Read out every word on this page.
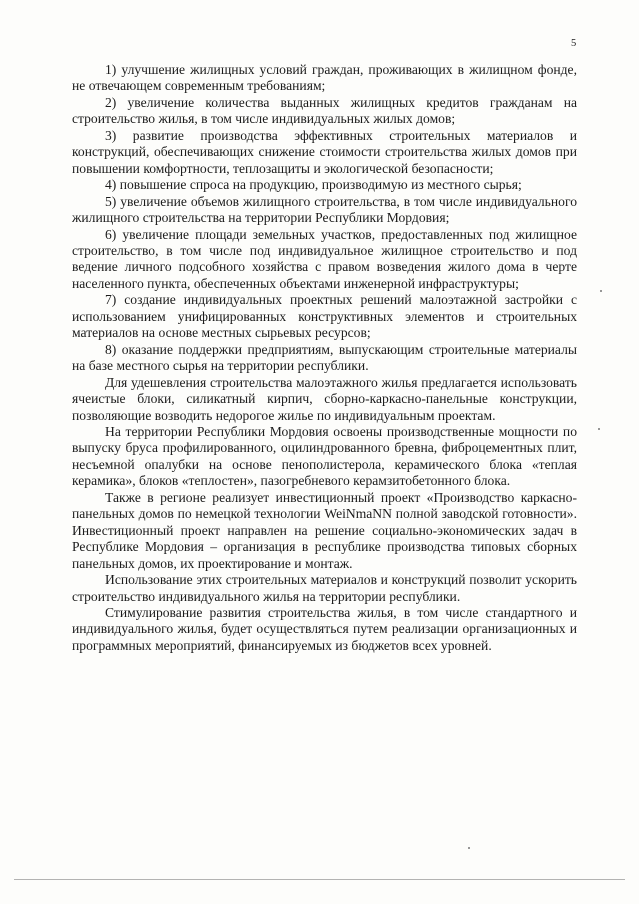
5

1) улучшение жилищных условий граждан, проживающих в жилищном фонде, не отвечающем современным требованиям;

2) увеличение количества выданных жилищных кредитов гражданам на строительство жилья, в том числе индивидуальных жилых домов;

3) развитие производства эффективных строительных материалов и конструкций, обеспечивающих снижение стоимости строительства жилых домов при повышении комфортности, теплозащиты и экологической безопасности;

4) повышение спроса на продукцию, производимую из местного сырья;

5) увеличение объемов жилищного строительства, в том числе индивидуального жилищного строительства на территории Республики Мордовия;

6) увеличение площади земельных участков, предоставленных под жилищное строительство, в том числе под индивидуальное жилищное строительство и под ведение личного подсобного хозяйства с правом возведения жилого дома в черте населенного пункта, обеспеченных объектами инженерной инфраструктуры;

7) создание индивидуальных проектных решений малоэтажной застройки с использованием унифицированных конструктивных элементов и строительных материалов на основе местных сырьевых ресурсов;

8) оказание поддержки предприятиям, выпускающим строительные материалы на базе местного сырья на территории республики.

Для удешевления строительства малоэтажного жилья предлагается использовать ячеистые блоки, силикатный кирпич, сборно-каркасно-панельные конструкции, позволяющие возводить недорогое жилье по индивидуальным проектам.

На территории Республики Мордовия освоены производственные мощности по выпуску бруса профилированного, оцилиндрованного бревна, фиброцементных плит, несъемной опалубки на основе пенополистерола, керамического блока «теплая керамика», блоков «теплостен», пазогребневого керамзитобетонного блока.

Также в регионе реализует инвестиционный проект «Производство каркасно-панельных домов по немецкой технологии WeiNmaNN полной заводской готовности». Инвестиционный проект направлен на решение социально-экономических задач в Республике Мордовия – организация в республике производства типовых сборных панельных домов, их проектирование и монтаж.

Использование этих строительных материалов и конструкций позволит ускорить строительство индивидуального жилья на территории республики.

Стимулирование развития строительства жилья, в том числе стандартного и индивидуального жилья, будет осуществляться путем реализации организационных и программных мероприятий, финансируемых из бюджетов всех уровней.
